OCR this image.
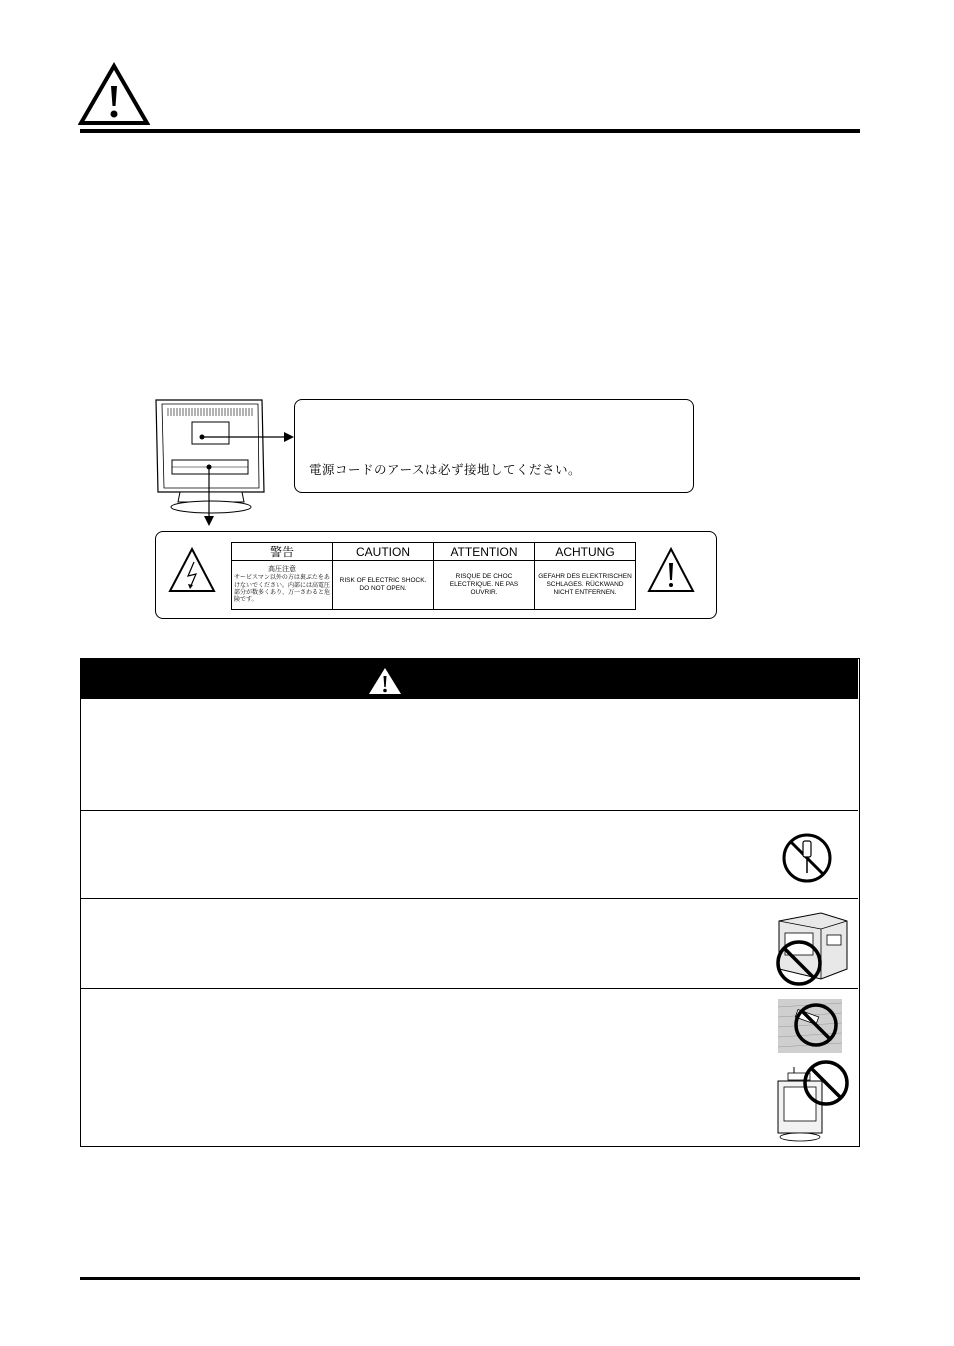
電源コードのアースは必ず接地してください。
警告	CAUTION	ATTENTION	ACHTUNG

高圧注意
サービスマン以外の方は裏ぶたをあけないでください。内部には高電圧部分が数多くあり、万一さわると危険です。	RISK OF ELECTRIC SHOCK. DO NOT OPEN.	RISQUE DE CHOC ELECTRIQUE. NE PAS OUVRIR.	GEFAHR DES ELEKTRISCHEN SCHLAGES. RÜCKWAND NICHT ENTFERNEN.
